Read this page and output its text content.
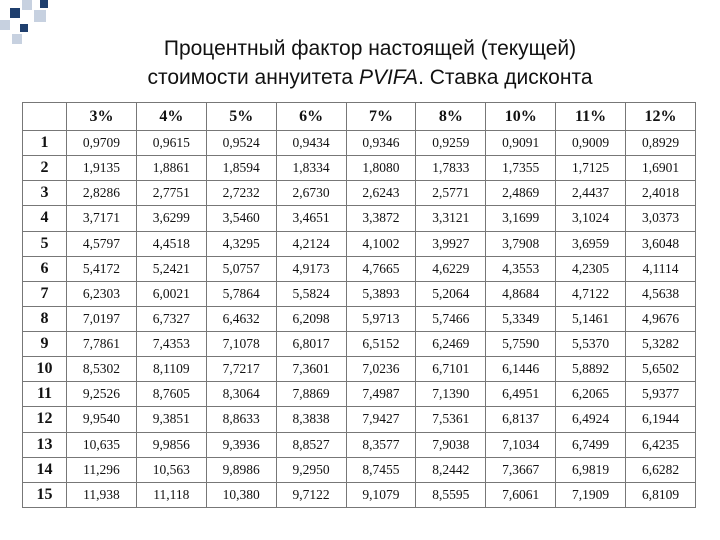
Процентный фактор настоящей (текущей)
стоимости аннуитета PVIFA. Ставка дисконта
	3%	4%	5%	6%	7%	8%	10%	11%	12%
1	0,9709	0,9615	0,9524	0,9434	0,9346	0,9259	0,9091	0,9009	0,8929
2	1,9135	1,8861	1,8594	1,8334	1,8080	1,7833	1,7355	1,7125	1,6901
3	2,8286	2,7751	2,7232	2,6730	2,6243	2,5771	2,4869	2,4437	2,4018
4	3,7171	3,6299	3,5460	3,4651	3,3872	3,3121	3,1699	3,1024	3,0373
5	4,5797	4,4518	4,3295	4,2124	4,1002	3,9927	3,7908	3,6959	3,6048
6	5,4172	5,2421	5,0757	4,9173	4,7665	4,6229	4,3553	4,2305	4,1114
7	6,2303	6,0021	5,7864	5,5824	5,3893	5,2064	4,8684	4,7122	4,5638
8	7,0197	6,7327	6,4632	6,2098	5,9713	5,7466	5,3349	5,1461	4,9676
9	7,7861	7,4353	7,1078	6,8017	6,5152	6,2469	5,7590	5,5370	5,3282
10	8,5302	8,1109	7,7217	7,3601	7,0236	6,7101	6,1446	5,8892	5,6502
11	9,2526	8,7605	8,3064	7,8869	7,4987	7,1390	6,4951	6,2065	5,9377
12	9,9540	9,3851	8,8633	8,3838	7,9427	7,5361	6,8137	6,4924	6,1944
13	10,635	9,9856	9,3936	8,8527	8,3577	7,9038	7,1034	6,7499	6,4235
14	11,296	10,563	9,8986	9,2950	8,7455	8,2442	7,3667	6,9819	6,6282
15	11,938	11,118	10,380	9,7122	9,1079	8,5595	7,6061	7,1909	6,8109
